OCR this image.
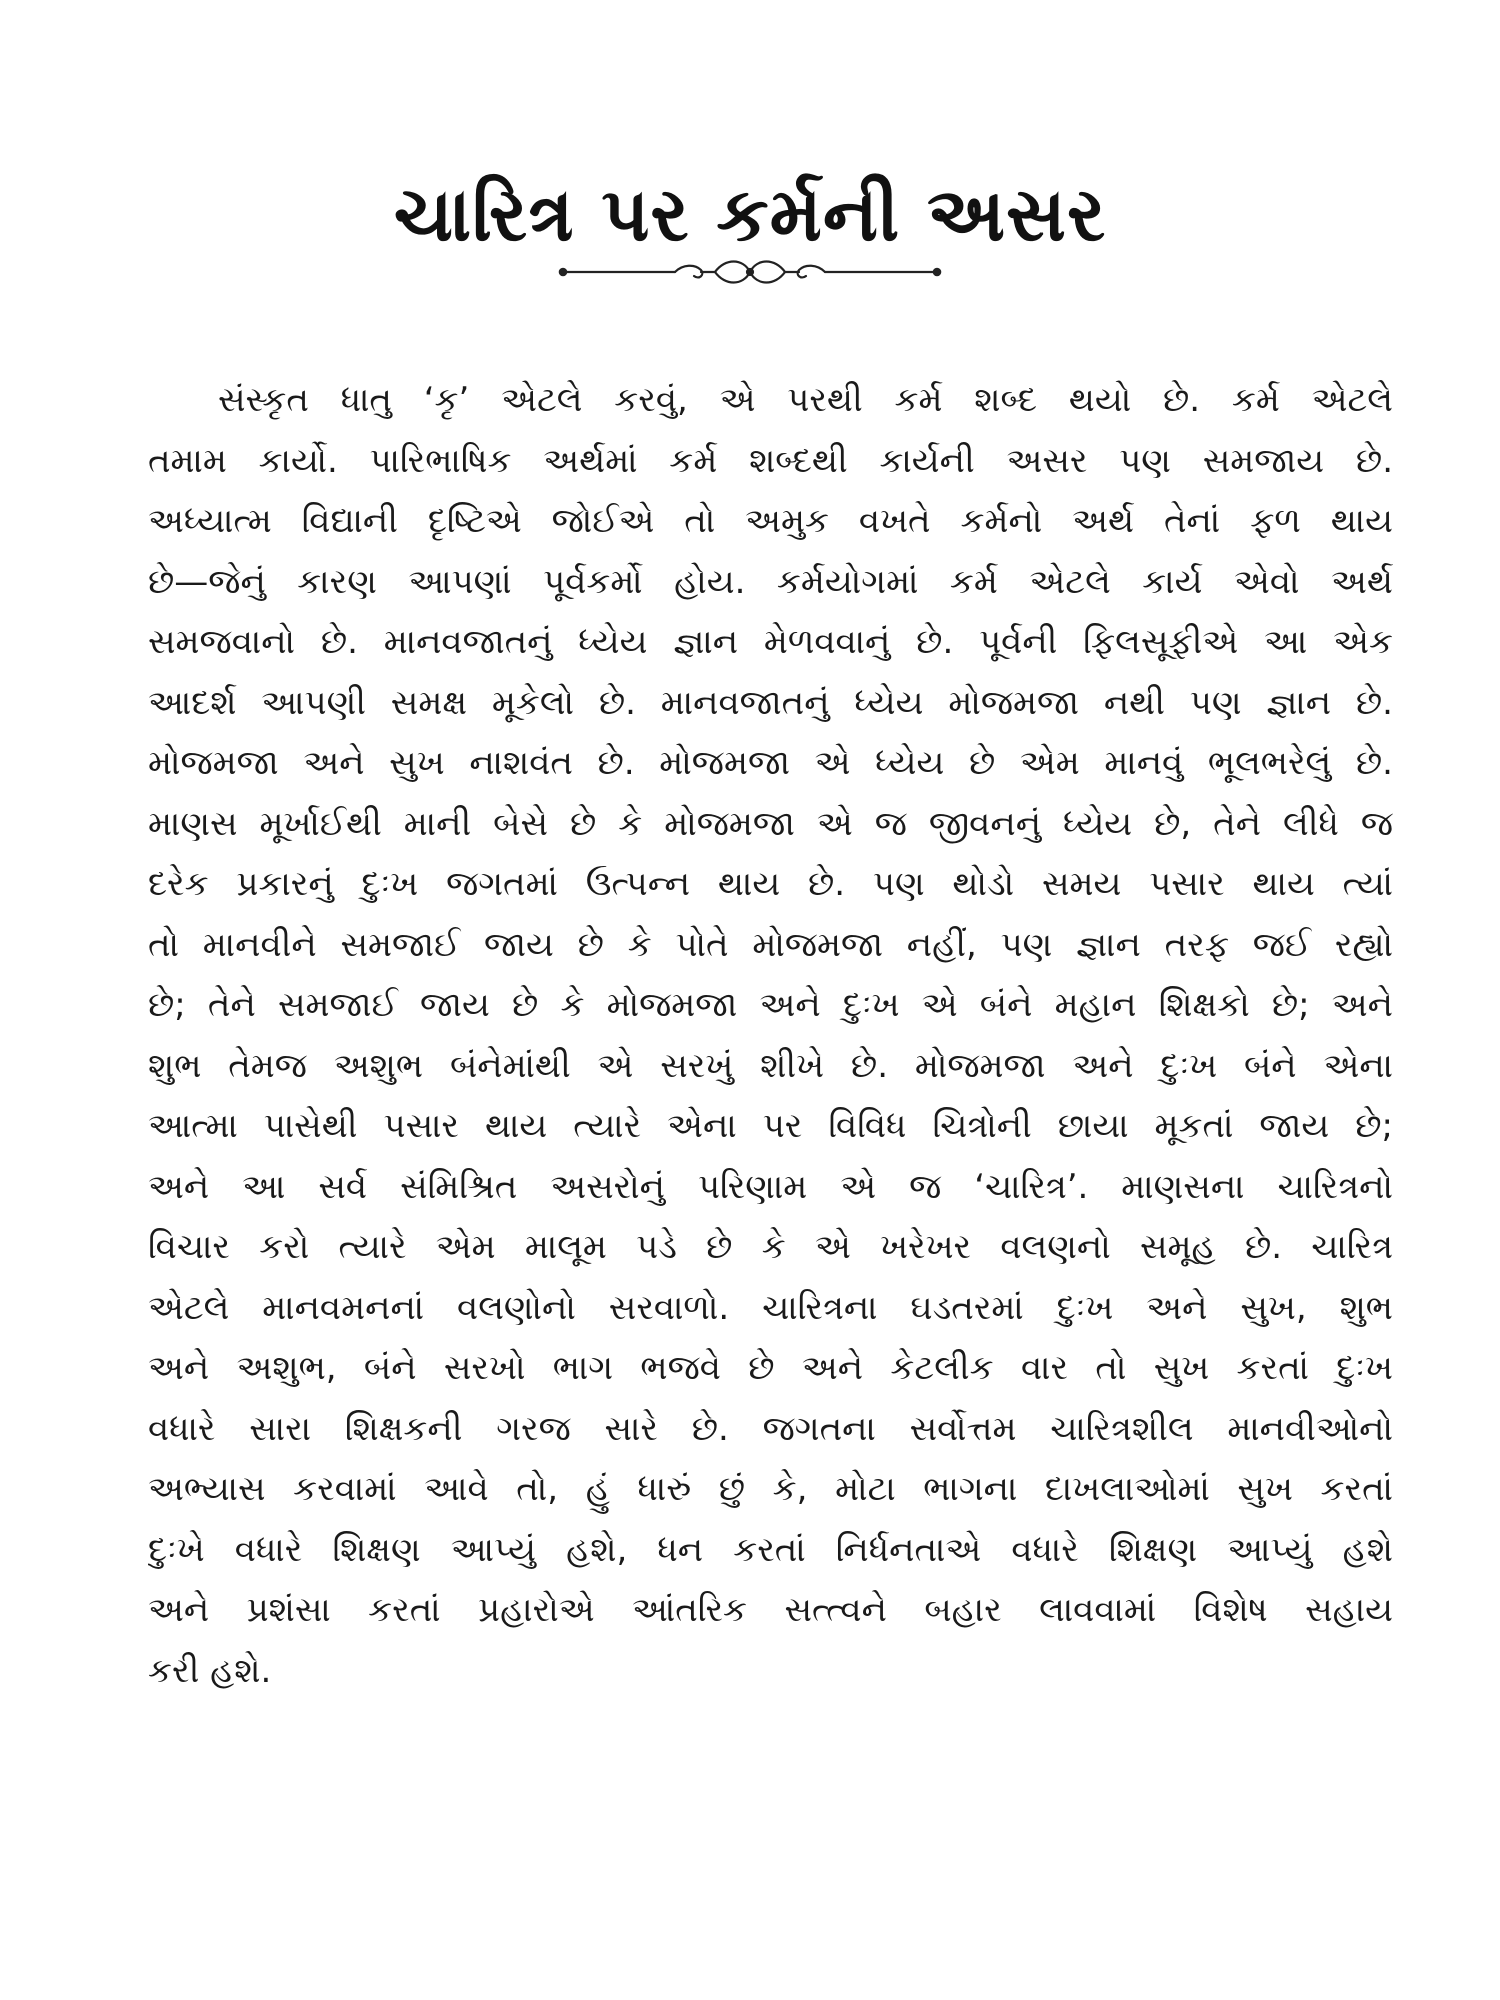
ચારિત્ર પર કર્મની અસર
સંસ્કૃત ધાતુ ‘કૃ’ એટલે કરવું, એ પરથી કર્મ શબ્દ થયો છે. કર્મ એટલે
તમામ કાર્યો. પારિભાષિક અર્થમાં કર્મ શબ્દથી કાર્યની અસર પણ સમજાય છે.
અધ્યાત્મ વિદ્યાની દૃષ્ટિએ જોઈએ તો અમુક વખતે કર્મનો અર્થ તેનાં ફળ થાય
છે—જેનું કારણ આપણાં પૂર્વકર્મો હોય. કર્મયોગમાં કર્મ એટલે કાર્ય એવો અર્થ
સમજવાનો છે. માનવજાતનું ધ્યેય જ્ઞાન મેળવવાનું છે. પૂર્વની ફિલસૂફીએ આ એક
આદર્શ આપણી સમક્ષ મૂકેલો છે. માનવજાતનું ધ્યેય મોજમજા નથી પણ જ્ઞાન છે.
મોજમજા અને સુખ નાશવંત છે. મોજમજા એ ધ્યેય છે એમ માનવું ભૂલભરેલું છે.
માણસ મૂર્ખાઈથી માની બેસે છે કે મોજમજા એ જ જીવનનું ધ્યેય છે, તેને લીધે જ
દરેક પ્રકારનું દુઃખ જગતમાં ઉત્પન્ન થાય છે. પણ થોડો સમય પસાર થાય ત્યાં
તો માનવીને સમજાઈ જાય છે કે પોતે મોજમજા નહીં, પણ જ્ઞાન તરફ જઈ રહ્યો
છે; તેને સમજાઈ જાય છે કે મોજમજા અને દુઃખ એ બંને મહાન શિક્ષકો છે; અને
શુભ તેમજ અશુભ બંનેમાંથી એ સરખું શીખે છે. મોજમજા અને દુઃખ બંને એના
આત્મા પાસેથી પસાર થાય ત્યારે એના પર વિવિધ ચિત્રોની છાયા મૂકતાં જાય છે;
અને આ સર્વ સંમિશ્રિત અસરોનું પરિણામ એ જ ‘ચારિત્ર’. માણસના ચારિત્રનો
વિચાર કરો ત્યારે એમ માલૂમ પડે છે કે એ ખરેખર વલણનો સમૂહ છે. ચારિત્ર
એટલે માનવમનનાં વલણોનો સરવાળો. ચારિત્રના ઘડતરમાં દુઃખ અને સુખ, શુભ
અને અશુભ, બંને સરખો ભાગ ભજવે છે અને કેટલીક વાર તો સુખ કરતાં દુઃખ
વધારે સારા શિક્ષકની ગરજ સારે છે. જગતના સર્વોત્તમ ચારિત્રશીલ માનવીઓનો
અભ્યાસ કરવામાં આવે તો, હું ધારું છું કે, મોટા ભાગના દાખલાઓમાં સુખ કરતાં
દુઃખે વધારે શિક્ષણ આપ્યું હશે, ધન કરતાં નિર્ધનતાએ વધારે શિક્ષણ આપ્યું હશે
અને પ્રશંસા કરતાં પ્રહારોએ આંતરિક સત્ત્વને બહાર લાવવામાં વિશેષ સહાય
કરી હશે.
